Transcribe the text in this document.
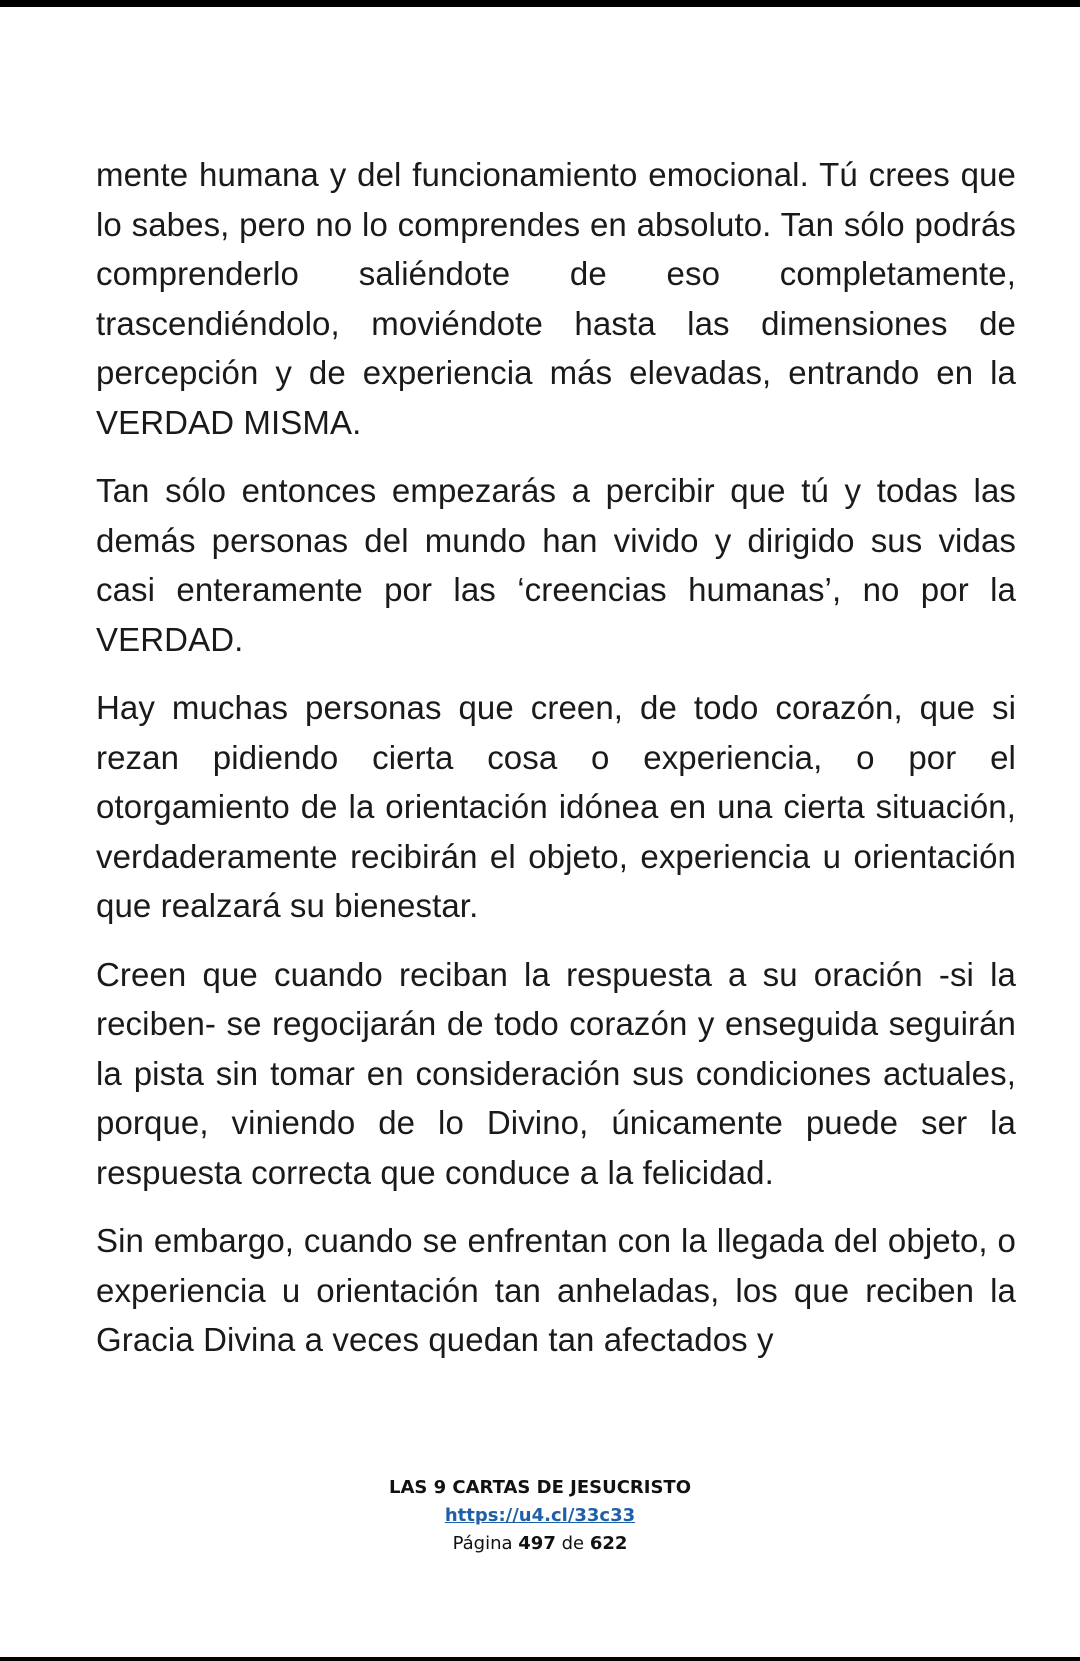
mente humana y del funcionamiento emocional. Tú crees que lo sabes, pero no lo comprendes en absoluto. Tan sólo podrás comprenderlo saliéndote de eso completamente, trascendiéndolo, moviéndote hasta las dimensiones de percepción y de experiencia más elevadas, entrando en la VERDAD MISMA.

Tan sólo entonces empezarás a percibir que tú y todas las demás personas del mundo han vivido y dirigido sus vidas casi enteramente por las ‘creencias humanas’, no por la VERDAD.

Hay muchas personas que creen, de todo corazón, que si rezan pidiendo cierta cosa o experiencia, o por el otorgamiento de la orientación idónea en una cierta situación, verdaderamente recibirán el objeto, experiencia u orientación que realzará su bienestar.

Creen que cuando reciban la respuesta a su oración -si la reciben- se regocijarán de todo corazón y enseguida seguirán la pista sin tomar en consideración sus condiciones actuales, porque, viniendo de lo Divino, únicamente puede ser la respuesta correcta que conduce a la felicidad.

Sin embargo, cuando se enfrentan con la llegada del objeto, o experiencia u orientación tan anheladas, los que reciben la Gracia Divina a veces quedan tan afectados y

LAS 9 CARTAS DE JESUCRISTO
https://u4.cl/33c33
Página 497 de 622
